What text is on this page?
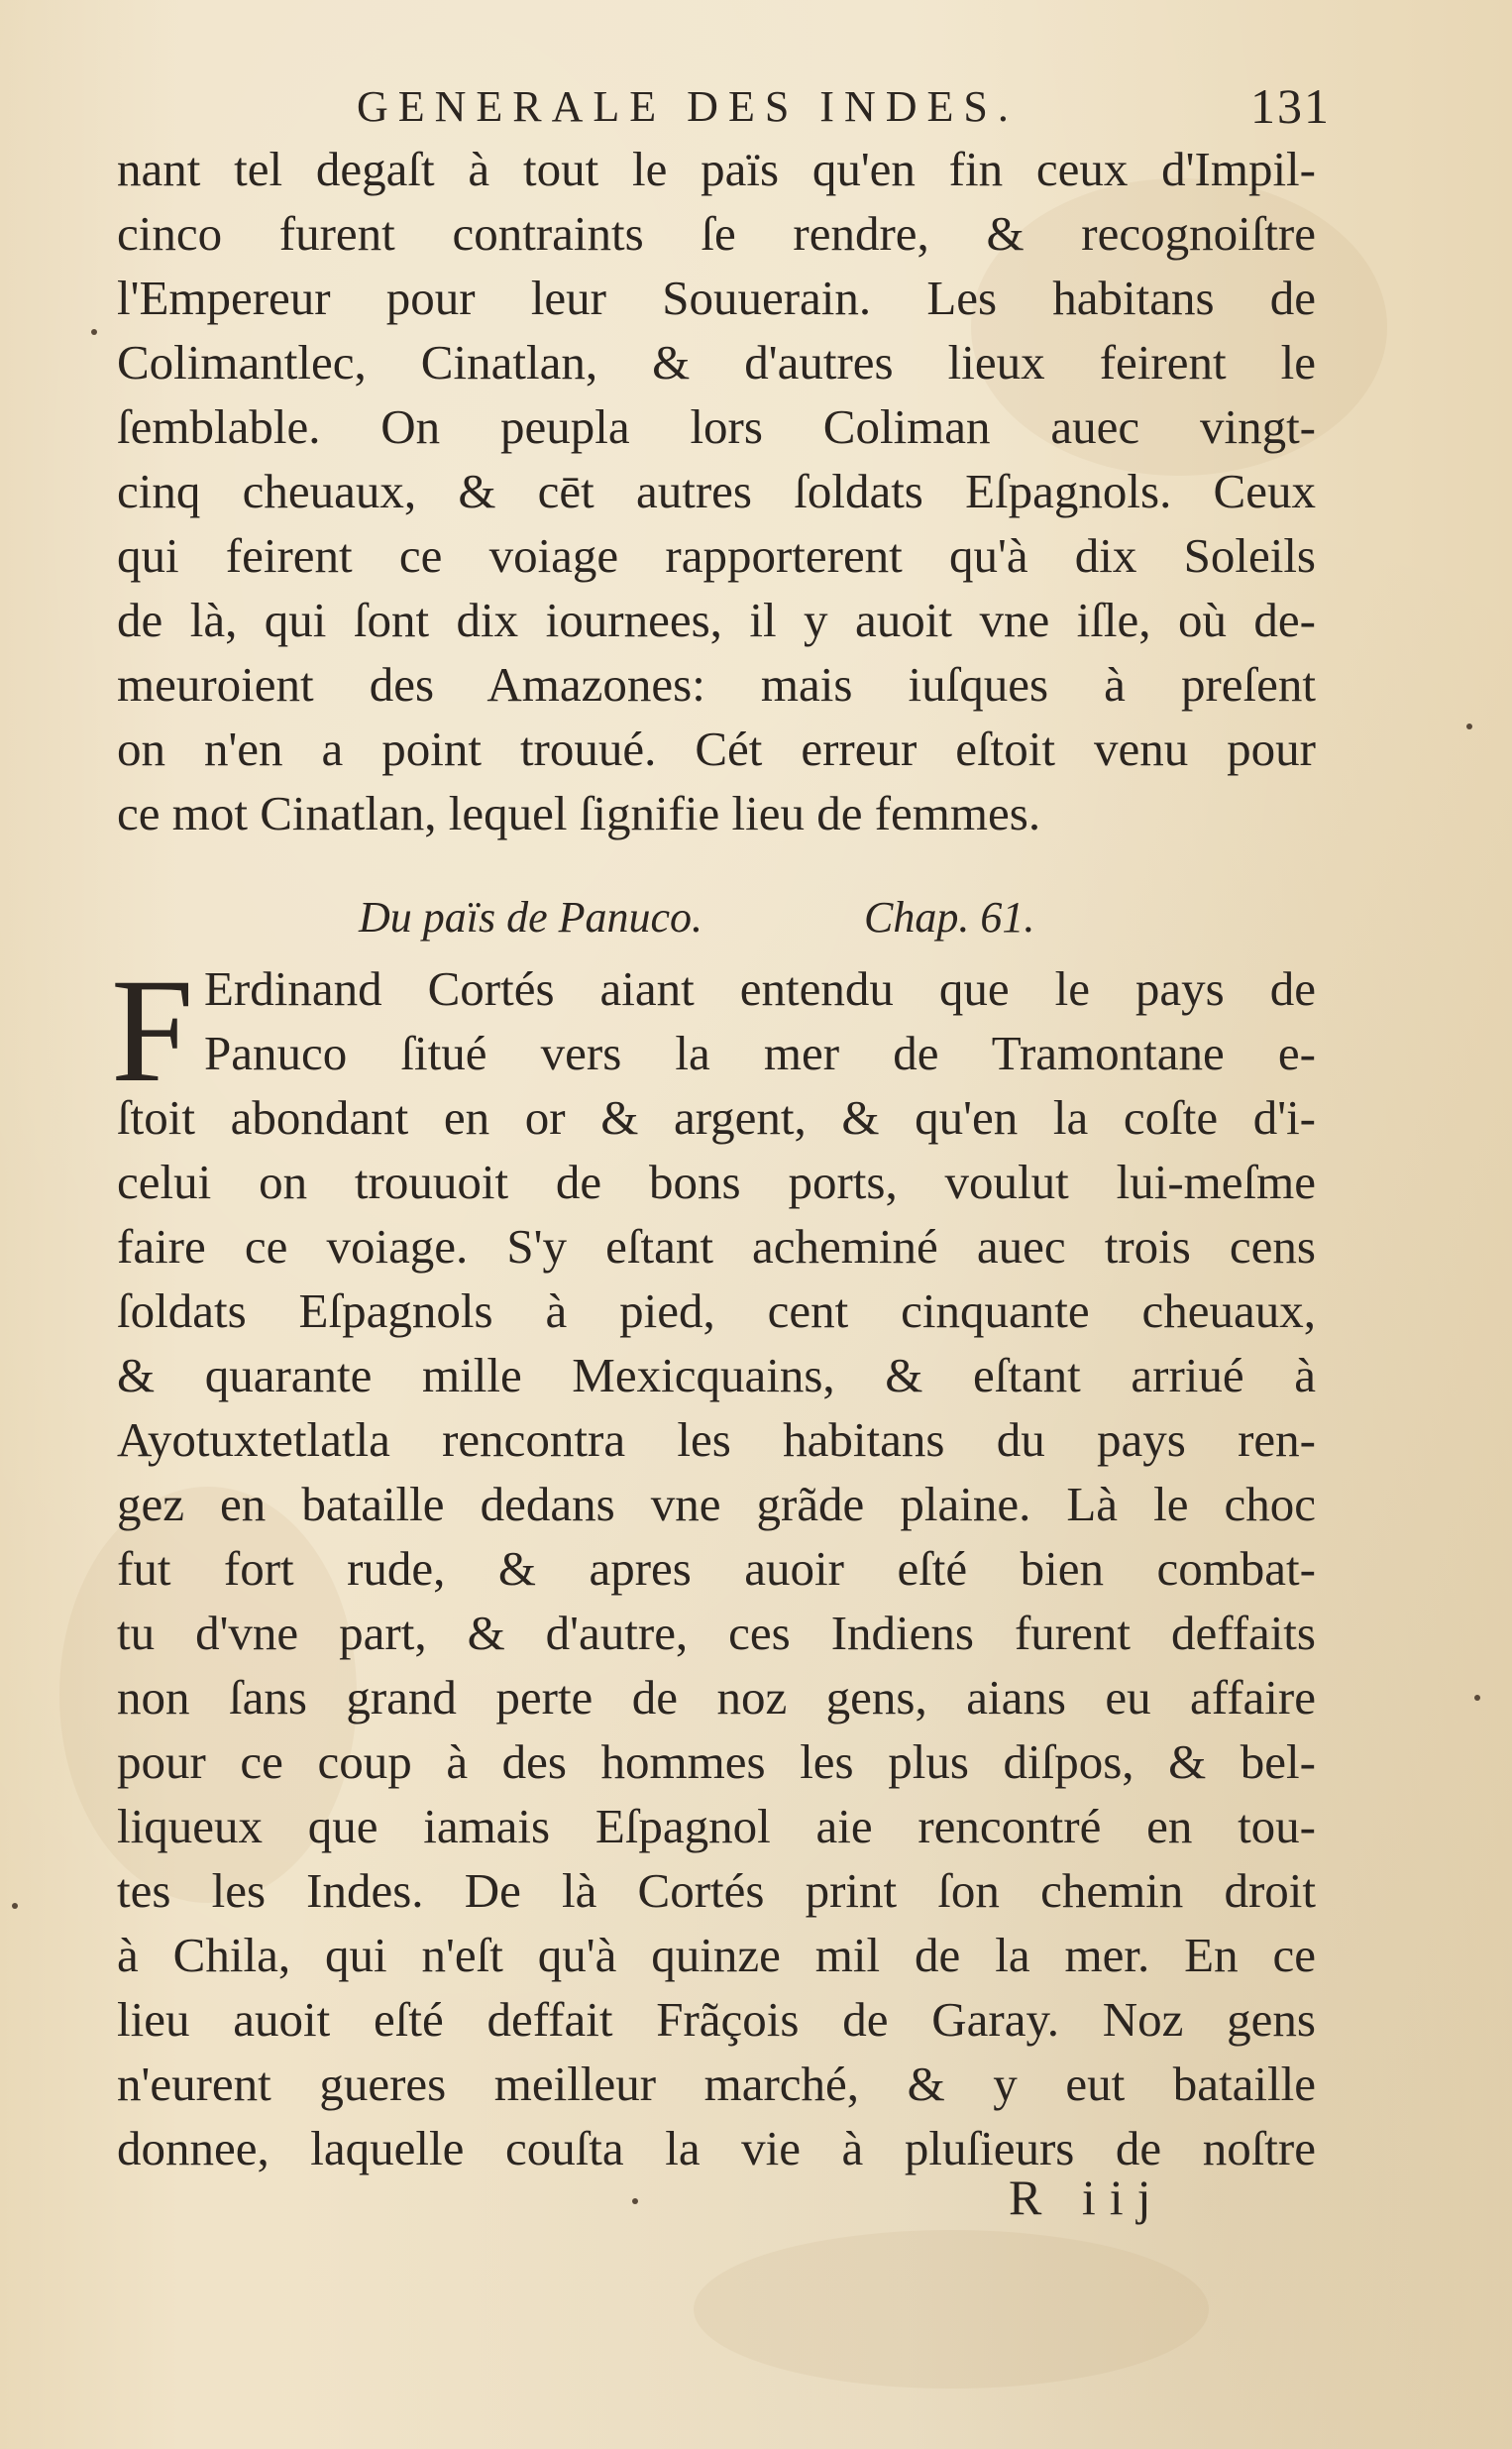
GENERALE DES INDES.	131
nant tel degaſt à tout le païs qu'en fin ceux d'Impil-
cinco furent contraints ſe rendre, & recognoiſtre
l'Empereur pour leur Souuerain. Les habitans de
Colimantlec, Cinatlan, & d'autres lieux feirent le
ſemblable. On peupla lors Coliman auec vingt-
cinq cheuaux, & cēt autres ſoldats Eſpagnols. Ceux
qui feirent ce voiage rapporterent qu'à dix Soleils
de là, qui ſont dix iournees, il y auoit vne iſle, où de-
meuroient des Amazones: mais iuſques à preſent
on n'en a point trouué. Cét erreur eſtoit venu pour
ce mot Cinatlan, lequel ſignifie lieu de femmes.
Du païs de Panuco.	Chap. 61.
F Erdinand Cortés aiant entendu que le pays de
Panuco ſitué vers la mer de Tramontane e-
ſtoit abondant en or & argent, & qu'en la coſte d'i-
celui on trouuoit de bons ports, voulut lui-meſme
faire ce voiage. S'y eſtant acheminé auec trois cens
ſoldats Eſpagnols à pied, cent cinquante cheuaux,
& quarante mille Mexicquains, & eſtant arriué à
Ayotuxtetlatla rencontra les habitans du pays ren-
gez en bataille dedans vne grãde plaine. Là le choc
fut fort rude, & apres auoir eſté bien combat-
tu d'vne part, & d'autre, ces Indiens furent deffaits
non ſans grand perte de noz gens, aians eu affaire
pour ce coup à des hommes les plus diſpos, & bel-
liqueux que iamais Eſpagnol aie rencontré en tou-
tes les Indes. De là Cortés print ſon chemin droit
à Chila, qui n'eſt qu'à quinze mil de la mer. En ce
lieu auoit eſté deffait Frãçois de Garay. Noz gens
n'eurent gueres meilleur marché, & y eut bataille
donnee, laquelle couſta la vie à pluſieurs de noſtre
R iij
